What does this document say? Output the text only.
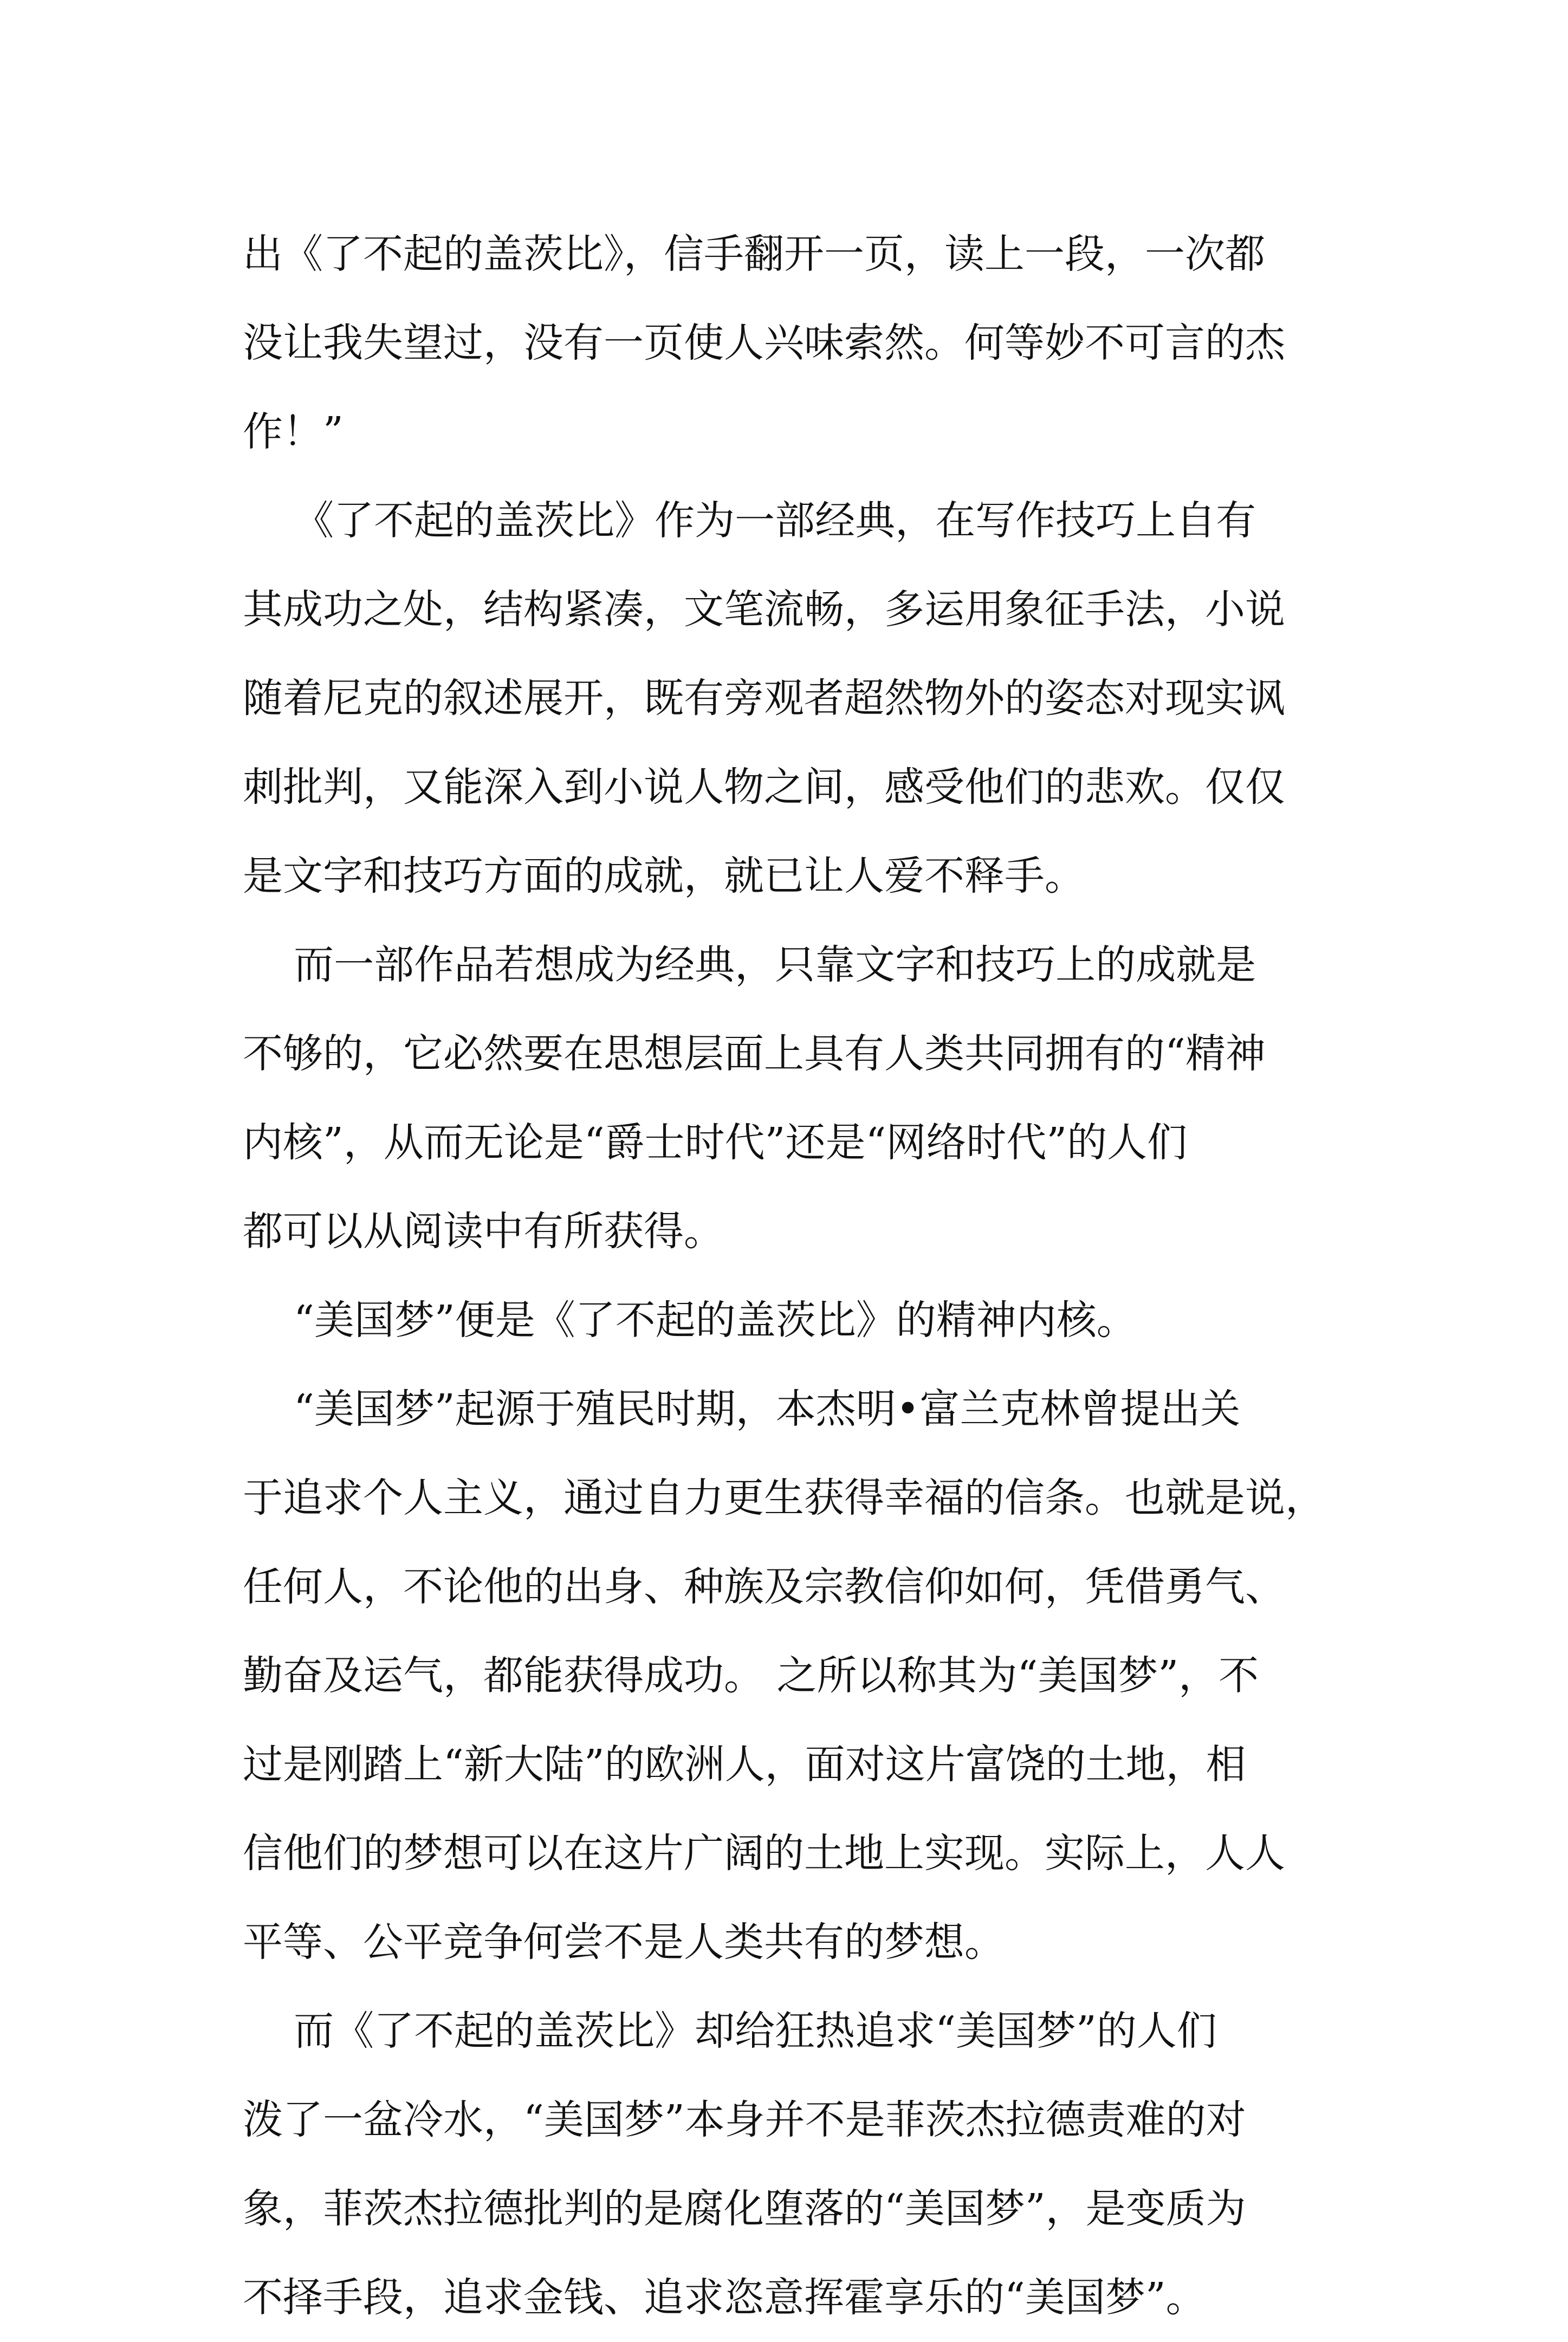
出《了不起的盖茨比》，信手翻开一页，读上一段，一次都
没让我失望过，没有一页使人兴味索然。何等妙不可言的杰
作！”
《了不起的盖茨比》作为一部经典，在写作技巧上自有
其成功之处，结构紧凑，文笔流畅，多运用象征手法，小说
随着尼克的叙述展开，既有旁观者超然物外的姿态对现实讽
刺批判，又能深入到小说人物之间，感受他们的悲欢。仅仅
是文字和技巧方面的成就，就已让人爱不释手。
而一部作品若想成为经典，只靠文字和技巧上的成就是
不够的，它必然要在思想层面上具有人类共同拥有的“精神
内核”，从而无论是“爵士时代”还是“网络时代”的人们
都可以从阅读中有所获得。
“美国梦”便是《了不起的盖茨比》的精神内核。
“美国梦”起源于殖民时期，本杰明•富兰克林曾提出关
于追求个人主义，通过自力更生获得幸福的信条。也就是说，
任何人，不论他的出身、种族及宗教信仰如何，凭借勇气、
勤奋及运气，都能获得成功。 之所以称其为“美国梦”，不
过是刚踏上“新大陆”的欧洲人，面对这片富饶的土地，相
信他们的梦想可以在这片广阔的土地上实现。实际上，人人
平等、公平竞争何尝不是人类共有的梦想。
而《了不起的盖茨比》却给狂热追求“美国梦”的人们
泼了一盆冷水，“美国梦”本身并不是菲茨杰拉德责难的对
象，菲茨杰拉德批判的是腐化堕落的“美国梦”，是变质为
不择手段，追求金钱、追求恣意挥霍享乐的“美国梦”。
